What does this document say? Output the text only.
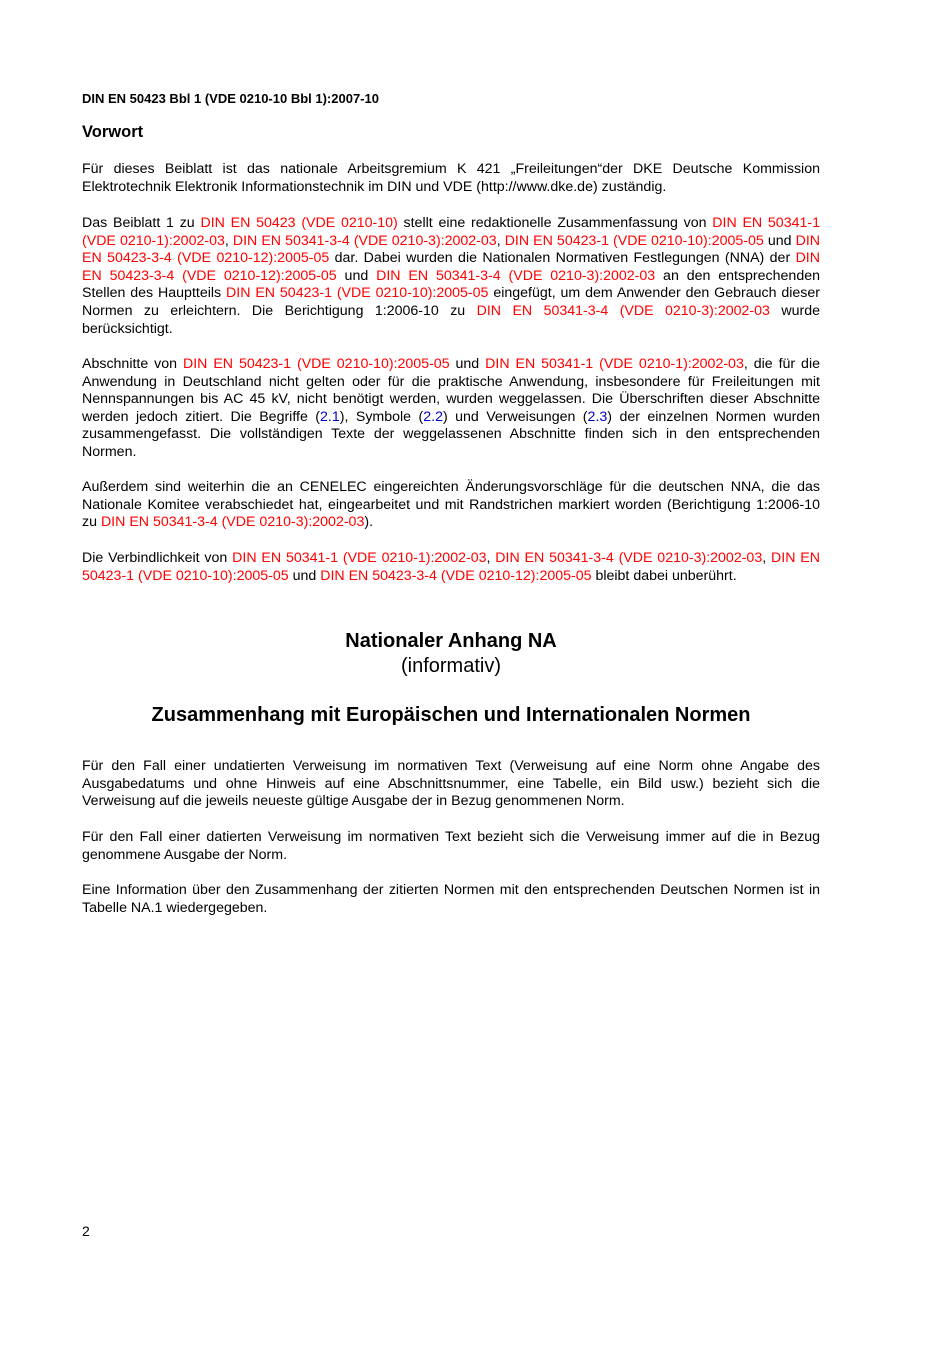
DIN EN 50423 Bbl 1 (VDE 0210-10 Bbl 1):2007-10
Vorwort

Für dieses Beiblatt ist das nationale Arbeitsgremium K 421 „Freileitungen“der DKE Deutsche Kommission Elektrotechnik Elektronik Informationstechnik im DIN und VDE (http://www.dke.de) zuständig.

Das Beiblatt 1 zu DIN EN 50423 (VDE 0210-10) stellt eine redaktionelle Zusammenfassung von DIN EN 50341-1 (VDE 0210-1):2002-03, DIN EN 50341-3-4 (VDE 0210-3):2002-03, DIN EN 50423-1 (VDE 0210-10):2005-05 und DIN EN 50423-3-4 (VDE 0210-12):2005-05 dar. Dabei wurden die Nationalen Normativen Festlegungen (NNA) der DIN EN 50423-3-4 (VDE 0210-12):2005-05 und DIN EN 50341-3-4 (VDE 0210-3):2002-03 an den entsprechenden Stellen des Hauptteils DIN EN 50423-1 (VDE 0210-10):2005-05 eingefügt, um dem Anwender den Gebrauch dieser Normen zu erleichtern. Die Berichtigung 1:2006-10 zu DIN EN 50341-3-4 (VDE 0210-3):2002-03 wurde berücksichtigt.

Abschnitte von DIN EN 50423-1 (VDE 0210-10):2005-05 und DIN EN 50341-1 (VDE 0210-1):2002-03, die für die Anwendung in Deutschland nicht gelten oder für die praktische Anwendung, insbesondere für Freileitungen mit Nennspannungen bis AC 45 kV, nicht benötigt werden, wurden weggelassen. Die Überschriften dieser Abschnitte werden jedoch zitiert. Die Begriffe (2.1), Symbole (2.2) und Verweisungen (2.3) der einzelnen Normen wurden zusammengefasst. Die vollständigen Texte der weggelassenen Abschnitte finden sich in den entsprechenden Normen.

Außerdem sind weiterhin die an CENELEC eingereichten Änderungsvorschläge für die deutschen NNA, die das Nationale Komitee verabschiedet hat, eingearbeitet und mit Randstrichen markiert worden (Berichtigung 1:2006-10 zu DIN EN 50341-3-4 (VDE 0210-3):2002-03).

Die Verbindlichkeit von DIN EN 50341-1 (VDE 0210-1):2002-03, DIN EN 50341-3-4 (VDE 0210-3):2002-03, DIN EN 50423-1 (VDE 0210-10):2005-05 und DIN EN 50423-3-4 (VDE 0210-12):2005-05 bleibt dabei unberührt.

Nationaler Anhang NA
(informativ)
Zusammenhang mit Europäischen und Internationalen Normen

Für den Fall einer undatierten Verweisung im normativen Text (Verweisung auf eine Norm ohne Angabe des Ausgabedatums und ohne Hinweis auf eine Abschnittsnummer, eine Tabelle, ein Bild usw.) bezieht sich die Verweisung auf die jeweils neueste gültige Ausgabe der in Bezug genommenen Norm.

Für den Fall einer datierten Verweisung im normativen Text bezieht sich die Verweisung immer auf die in Bezug genommene Ausgabe der Norm.

Eine Information über den Zusammenhang der zitierten Normen mit den entsprechenden Deutschen Normen ist in Tabelle NA.1 wiedergegeben.

2
